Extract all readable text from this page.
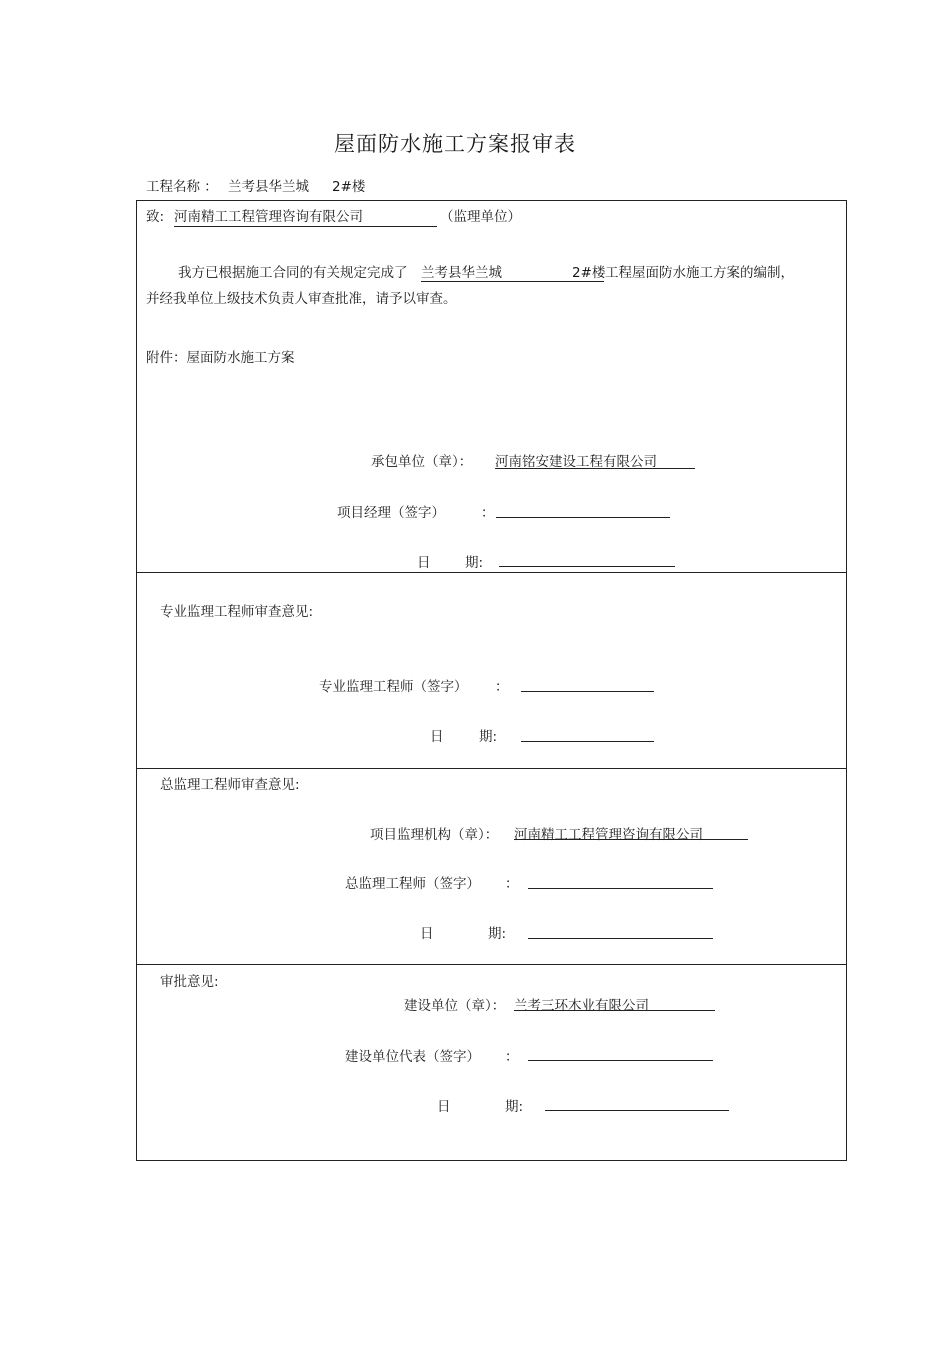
屋面防水施工方案报审表
工程名称 ： 兰考县华兰城 2#楼
致: 河南精工工程管理咨询有限公司	（监理单位）
我方已根据施工合同的有关规定完成了 兰考县华兰城	2#楼 工程屋面防水施工方案的编制，
并经我单位上级技术负责人审查批准，请予以审查。
附件：屋面防水施工方案
承包单位（章）： 河南铭安建设工程有限公司
项目经理（签字）	：
日	期:
专业监理工程师审查意见:
专业监理工程师（签字） ：
日	期:
总监理工程师审查意见:
项目监理机构（章）： 河南精工工程管理咨询有限公司
总监理工程师（签字） ：
日	期:
审批意见:
建设单位（章）： 兰考三环木业有限公司
建设单位代表（签字） ：
日	期:
